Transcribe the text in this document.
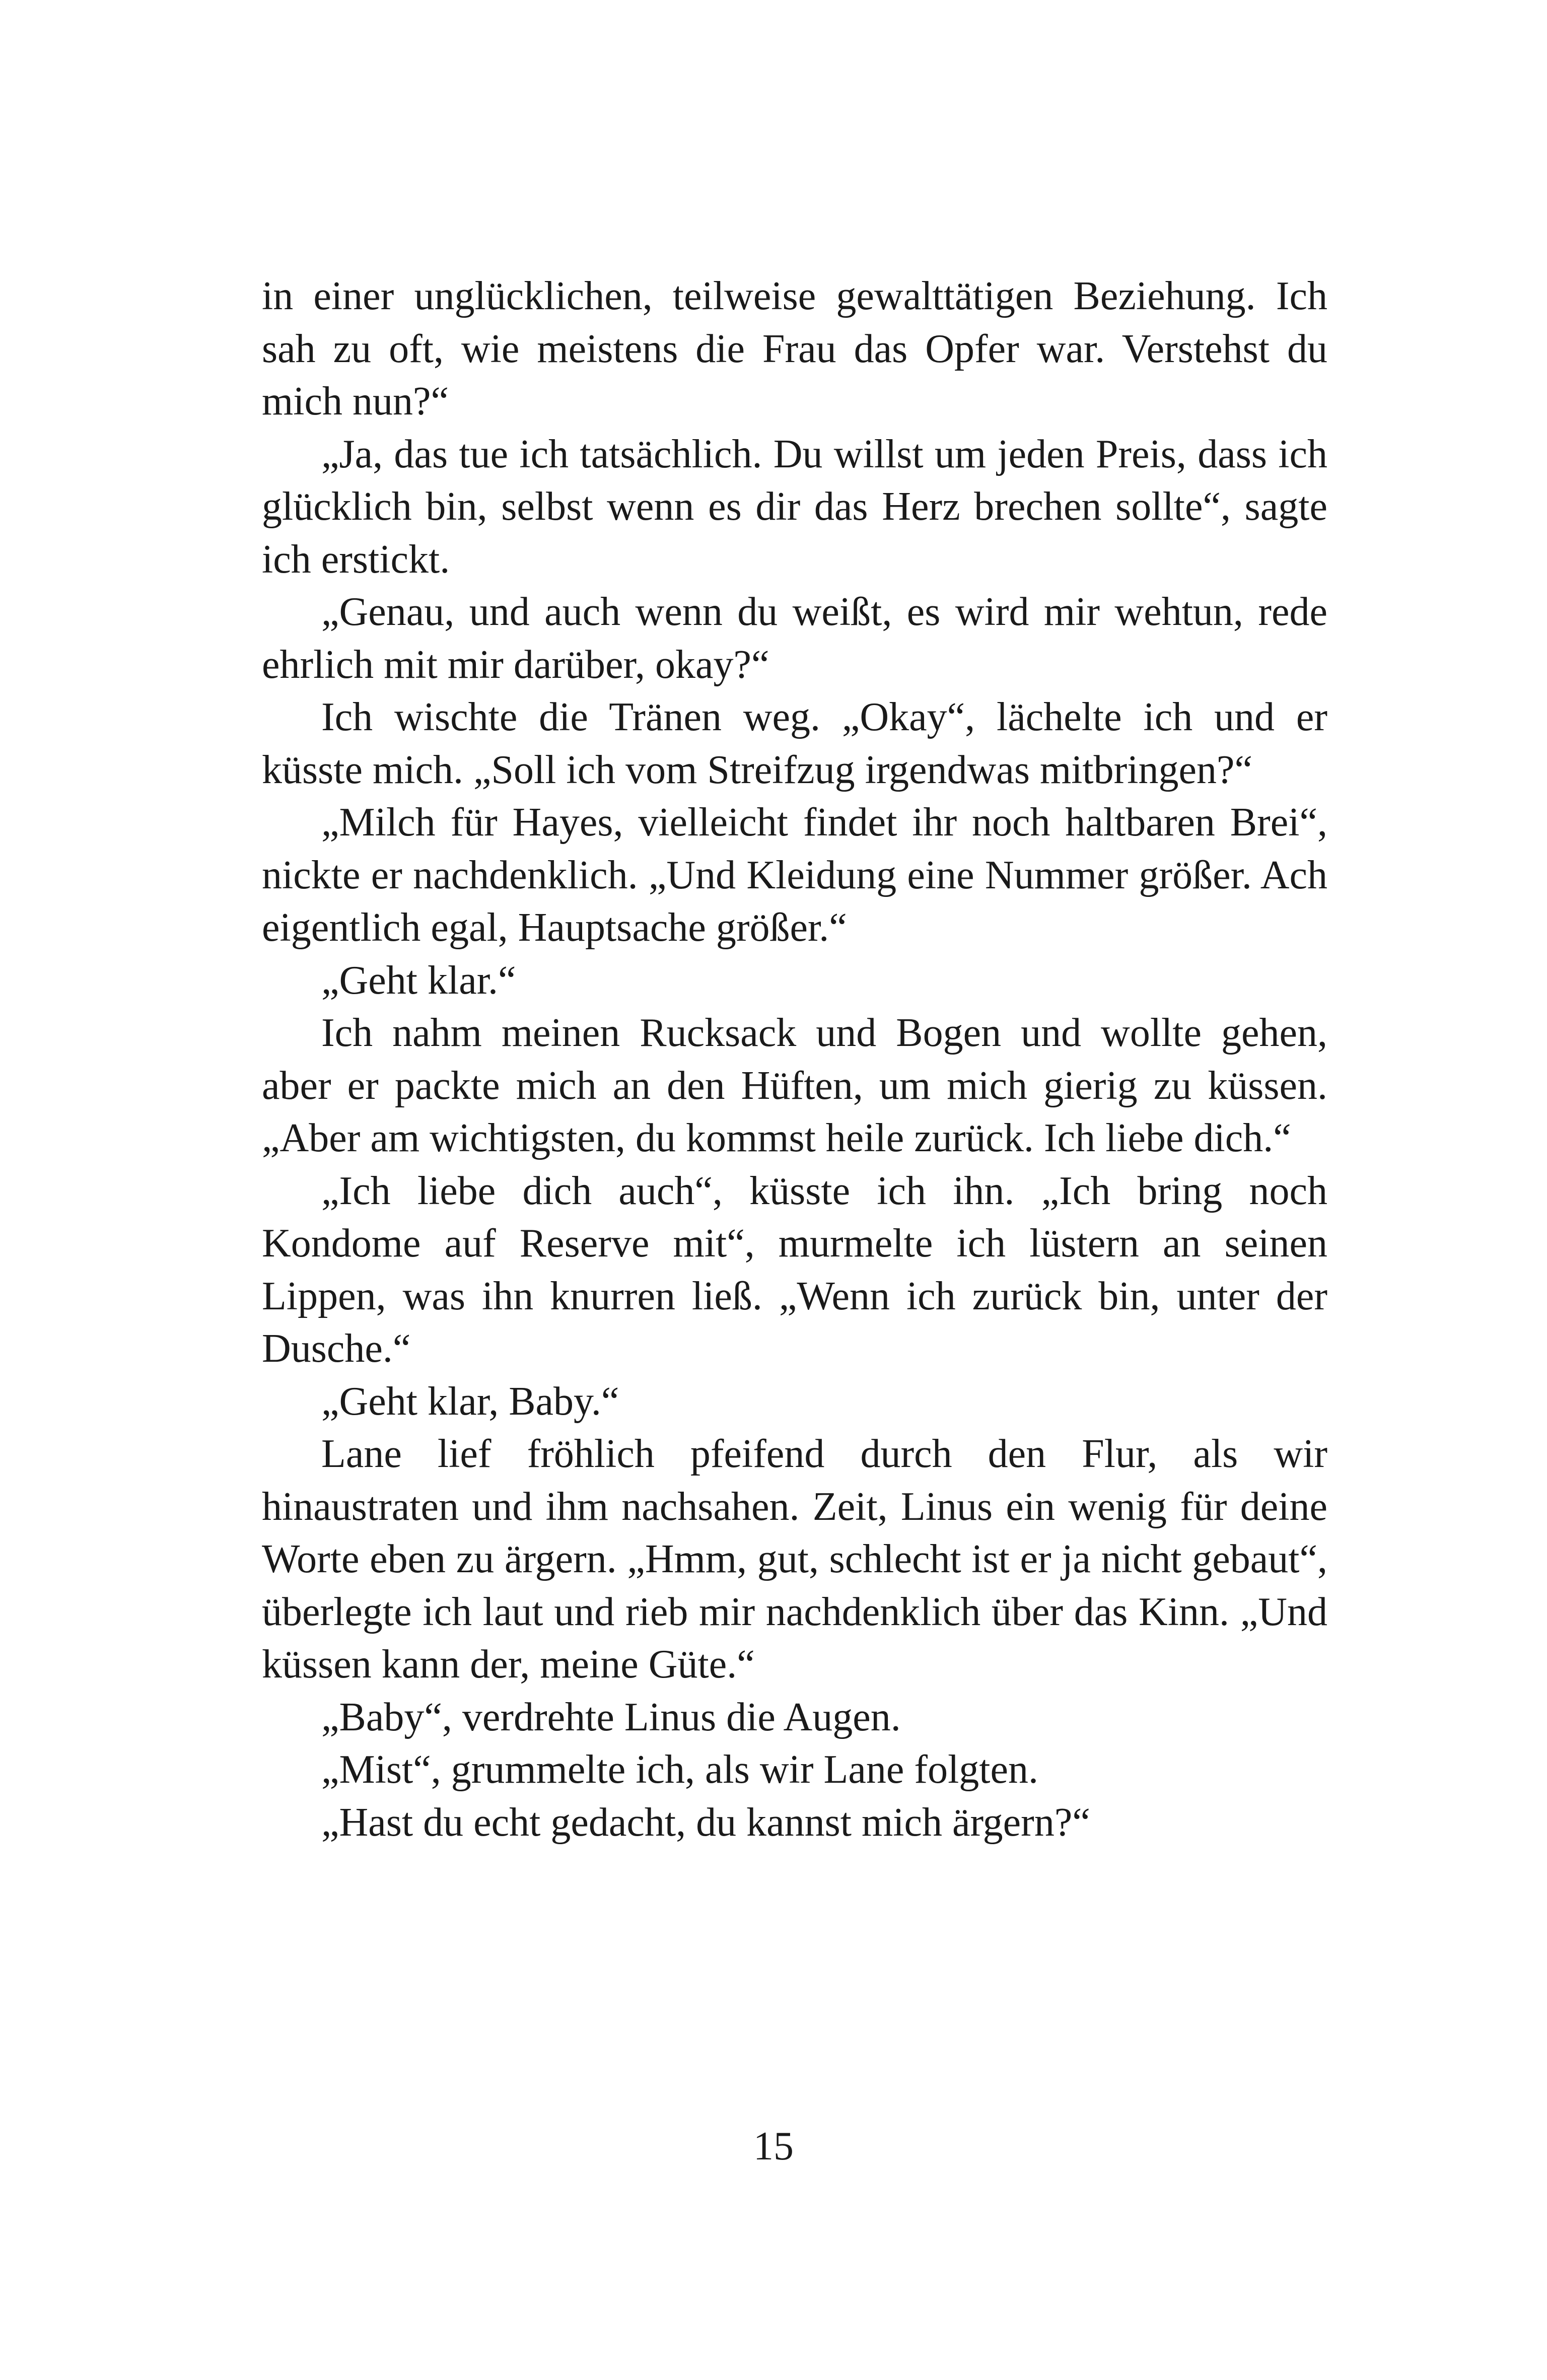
in einer unglücklichen, teilweise gewalttätigen Beziehung. Ich sah zu oft, wie meistens die Frau das Opfer war. Verstehst du mich nun?“

„Ja, das tue ich tatsächlich. Du willst um jeden Preis, dass ich glücklich bin, selbst wenn es dir das Herz brechen sollte“, sagte ich erstickt.

„Genau, und auch wenn du weißt, es wird mir wehtun, rede ehrlich mit mir darüber, okay?“

Ich wischte die Tränen weg. „Okay“, lächelte ich und er küsste mich. „Soll ich vom Streifzug irgendwas mitbringen?“

„Milch für Hayes, vielleicht findet ihr noch haltbaren Brei“, nickte er nachdenklich. „Und Kleidung eine Nummer größer. Ach eigentlich egal, Hauptsache größer.“

„Geht klar.“

Ich nahm meinen Rucksack und Bogen und wollte gehen, aber er packte mich an den Hüften, um mich gierig zu küssen. „Aber am wichtigsten, du kommst heile zurück. Ich liebe dich.“

„Ich liebe dich auch“, küsste ich ihn. „Ich bring noch Kondome auf Reserve mit“, murmelte ich lüstern an seinen Lippen, was ihn knurren ließ. „Wenn ich zurück bin, unter der Dusche.“

„Geht klar, Baby.“

Lane lief fröhlich pfeifend durch den Flur, als wir hinaustraten und ihm nachsahen. Zeit, Linus ein wenig für deine Worte eben zu ärgern. „Hmm, gut, schlecht ist er ja nicht gebaut“, überlegte ich laut und rieb mir nachdenklich über das Kinn. „Und küssen kann der, meine Güte.“

„Baby“, verdrehte Linus die Augen.

„Mist“, grummelte ich, als wir Lane folgten.

„Hast du echt gedacht, du kannst mich ärgern?“

15
